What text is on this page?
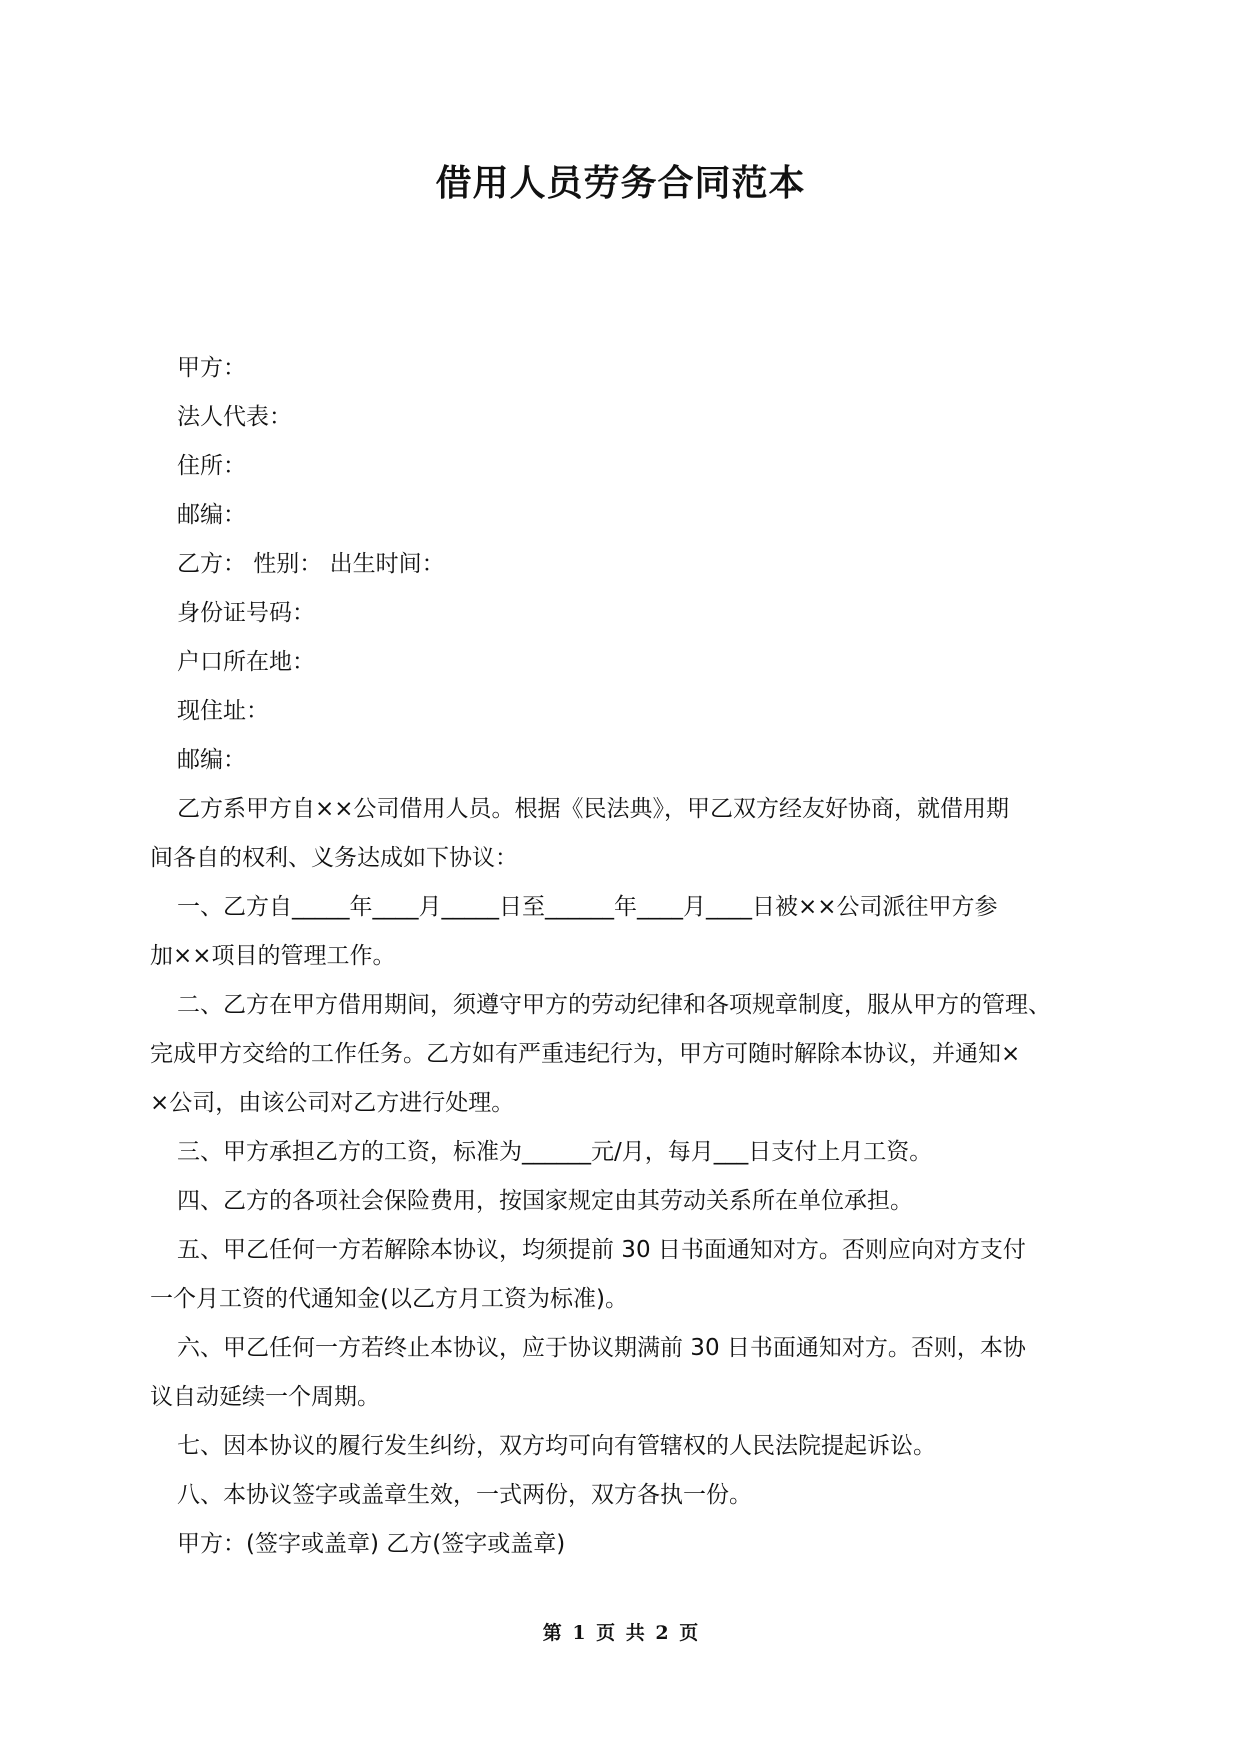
借用人员劳务合同范本
甲方：
法人代表：
住所：
邮编：
乙方： 性别： 出生时间：
身份证号码：
户口所在地：
现住址：
邮编：
乙方系甲方自××公司借用人员。根据《民法典》，甲乙双方经友好协商，就借用期
间各自的权利、义务达成如下协议：
一、乙方自_____年____月_____日至______年____月____日被××公司派往甲方参
加××项目的管理工作。
二、乙方在甲方借用期间，须遵守甲方的劳动纪律和各项规章制度，服从甲方的管理、
完成甲方交给的工作任务。乙方如有严重违纪行为，甲方可随时解除本协议，并通知×
×公司，由该公司对乙方进行处理。
三、甲方承担乙方的工资，标准为______元/月，每月___日支付上月工资。
四、乙方的各项社会保险费用，按国家规定由其劳动关系所在单位承担。
五、甲乙任何一方若解除本协议，均须提前 30 日书面通知对方。否则应向对方支付
一个月工资的代通知金(以乙方月工资为标准)。
六、甲乙任何一方若终止本协议，应于协议期满前 30 日书面通知对方。否则，本协
议自动延续一个周期。
七、因本协议的履行发生纠纷，双方均可向有管辖权的人民法院提起诉讼。
八、本协议签字或盖章生效，一式两份，双方各执一份。
甲方：(签字或盖章) 乙方(签字或盖章)
第 1 页 共 2 页
